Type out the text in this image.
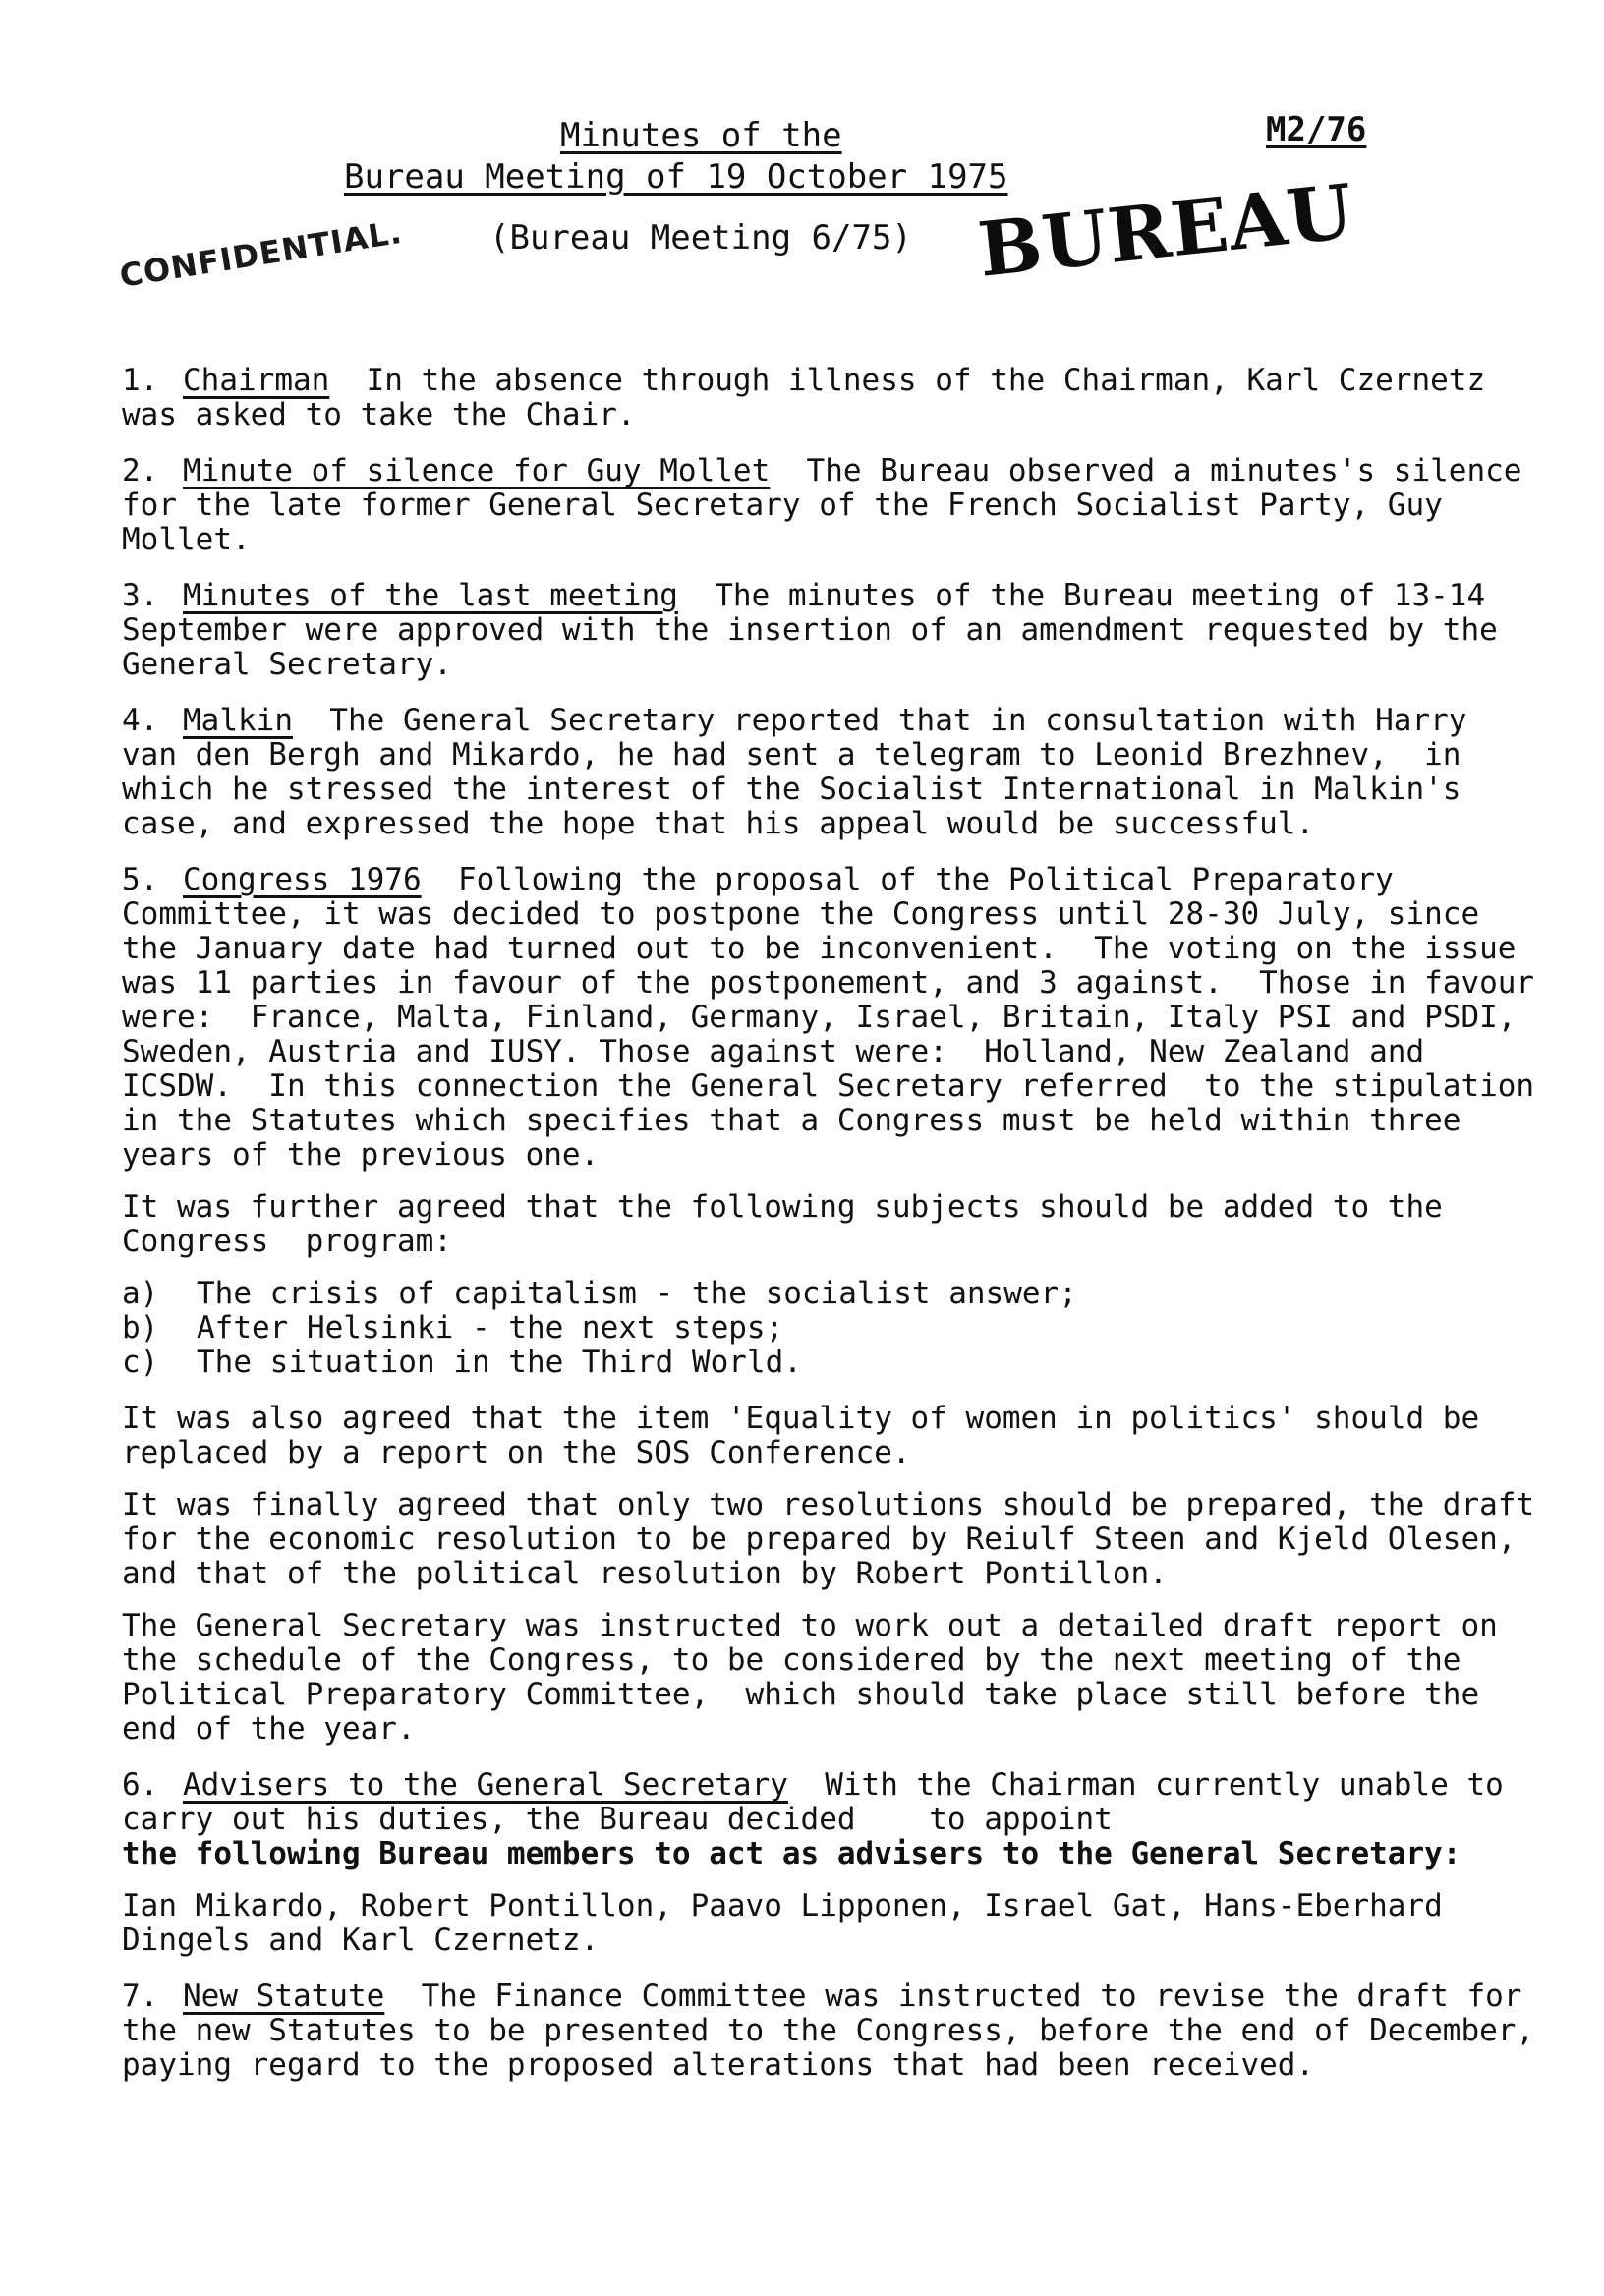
Minutes of the
Bureau Meeting of 19 October 1975
(Bureau Meeting 6/75)
M2/76
CONFIDENTIAL.	BUREAU

1. Chairman  In the absence through illness of the Chairman, Karl Czernetz was asked to take the Chair.

2. Minute of silence for Guy Mollet  The Bureau observed a minutes's silence for the late former General Secretary of the French Socialist Party, Guy Mollet.

3. Minutes of the last meeting  The minutes of the Bureau meeting of 13-14 September were approved with the insertion of an amendment requested by the General Secretary.

4. Malkin  The General Secretary reported that in consultation with Harry van den Bergh and Mikardo, he had sent a telegram to Leonid Brezhnev,  in which he stressed the interest of the Socialist International in Malkin's case, and expressed the hope that his appeal would be successful.

5. Congress 1976  Following the proposal of the Political Preparatory Committee, it was decided to postpone the Congress until 28-30 July, since the January date had turned out to be inconvenient.  The voting on the issue was 11 parties in favour of the postponement, and 3 against.  Those in favour were:  France, Malta, Finland, Germany, Israel, Britain, Italy PSI and PSDI, Sweden, Austria and IUSY. Those against were:  Holland, New Zealand and ICSDW.  In this connection the General Secretary referred  to the stipulation in the Statutes which specifies that a Congress must be held within three years of the previous one.

It was further agreed that the following subjects should be added to the Congress  program:

a) The crisis of capitalism - the socialist answer;
b) After Helsinki - the next steps;
c) The situation in the Third World.

It was also agreed that the item 'Equality of women in politics' should be replaced by a report on the SOS Conference.

It was finally agreed that only two resolutions should be prepared, the draft for the economic resolution to be prepared by Reiulf Steen and Kjeld Olesen, and that of the political resolution by Robert Pontillon.

The General Secretary was instructed to work out a detailed draft report on the schedule of the Congress, to be considered by the next meeting of the Political Preparatory Committee,  which should take place still before the end of the year.

6. Advisers to the General Secretary  With the Chairman currently unable to carry out his duties, the Bureau decided    to appoint
the following Bureau members to act as advisers to the General Secretary:

Ian Mikardo, Robert Pontillon, Paavo Lipponen, Israel Gat, Hans-Eberhard Dingels and Karl Czernetz.

7. New Statute  The Finance Committee was instructed to revise the draft for the new Statutes to be presented to the Congress, before the end of December, paying regard to the proposed alterations that had been received.
